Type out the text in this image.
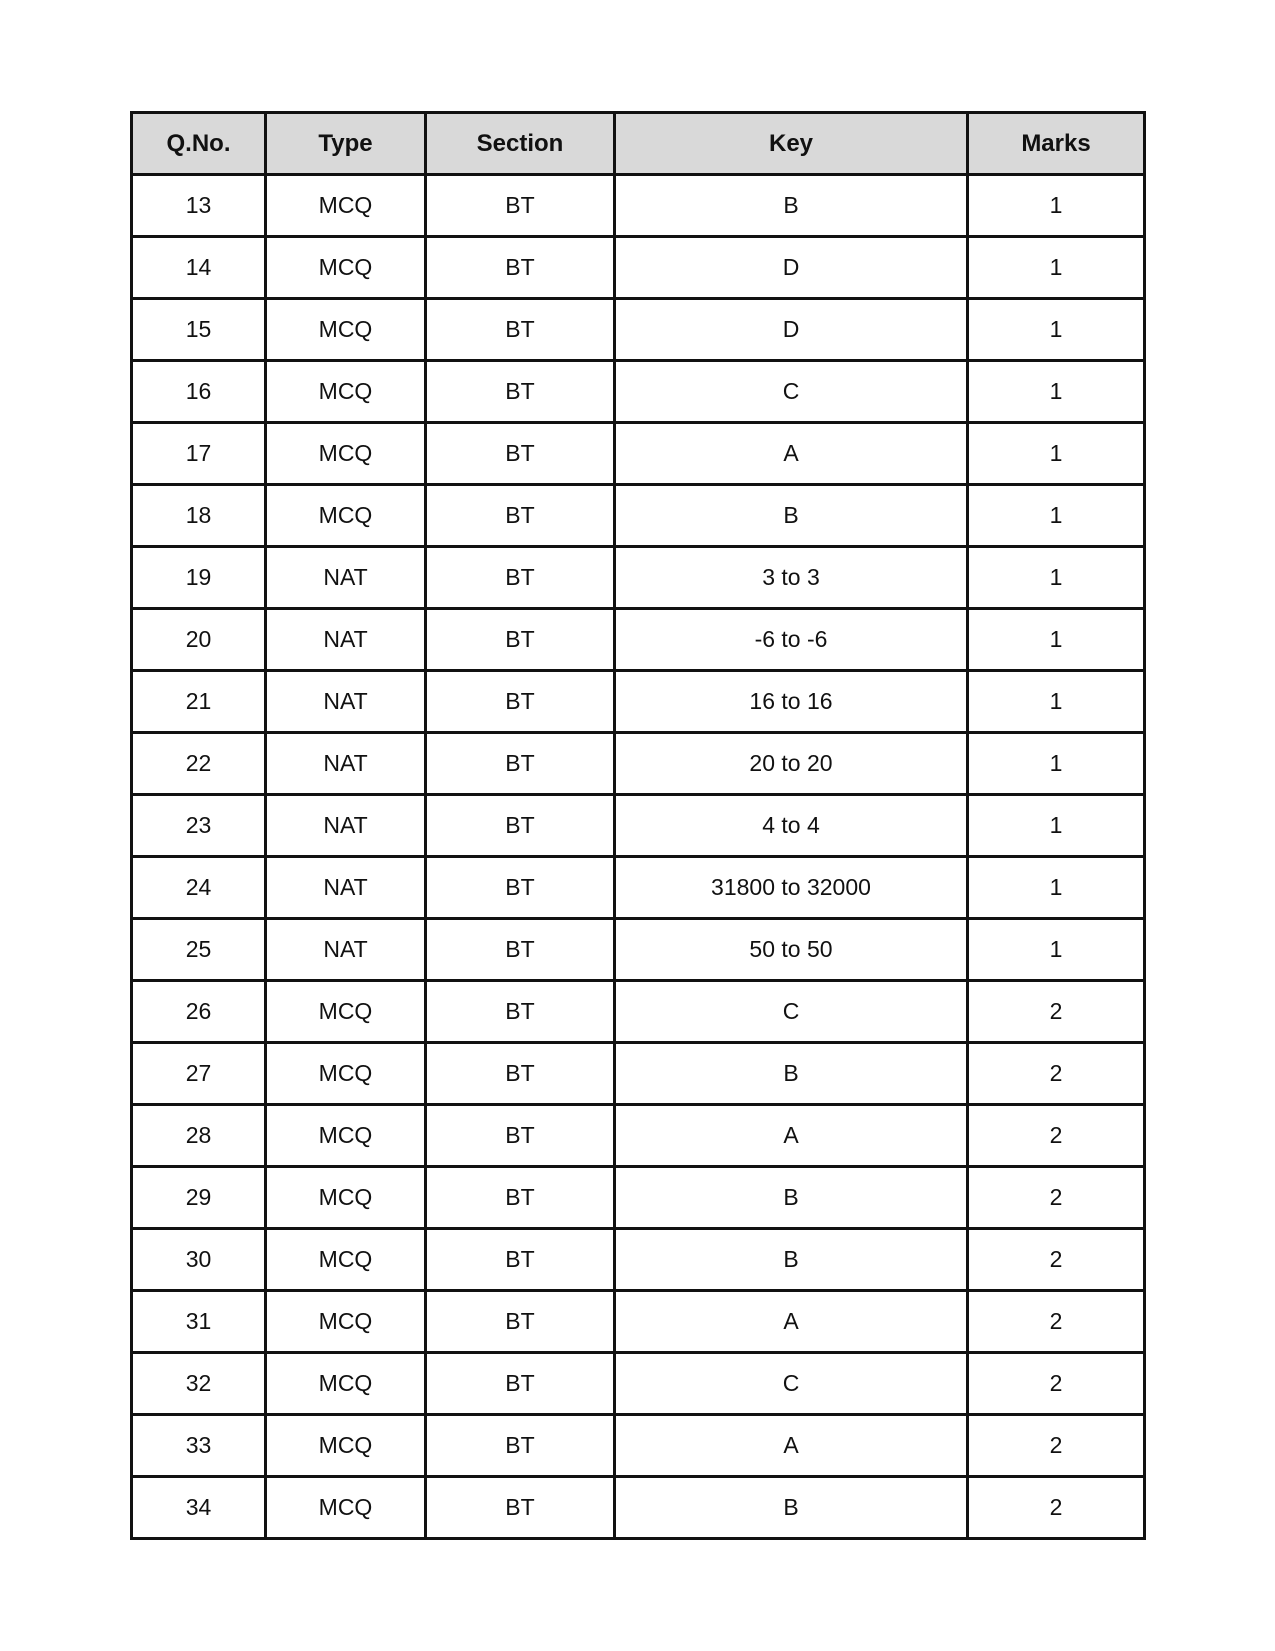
Q.No.	Type	Section	Key	Marks
13	MCQ	BT	B	1
14	MCQ	BT	D	1
15	MCQ	BT	D	1
16	MCQ	BT	C	1
17	MCQ	BT	A	1
18	MCQ	BT	B	1
19	NAT	BT	3 to 3	1
20	NAT	BT	-6 to -6	1
21	NAT	BT	16 to 16	1
22	NAT	BT	20 to 20	1
23	NAT	BT	4 to 4	1
24	NAT	BT	31800 to 32000	1
25	NAT	BT	50 to 50	1
26	MCQ	BT	C	2
27	MCQ	BT	B	2
28	MCQ	BT	A	2
29	MCQ	BT	B	2
30	MCQ	BT	B	2
31	MCQ	BT	A	2
32	MCQ	BT	C	2
33	MCQ	BT	A	2
34	MCQ	BT	B	2
